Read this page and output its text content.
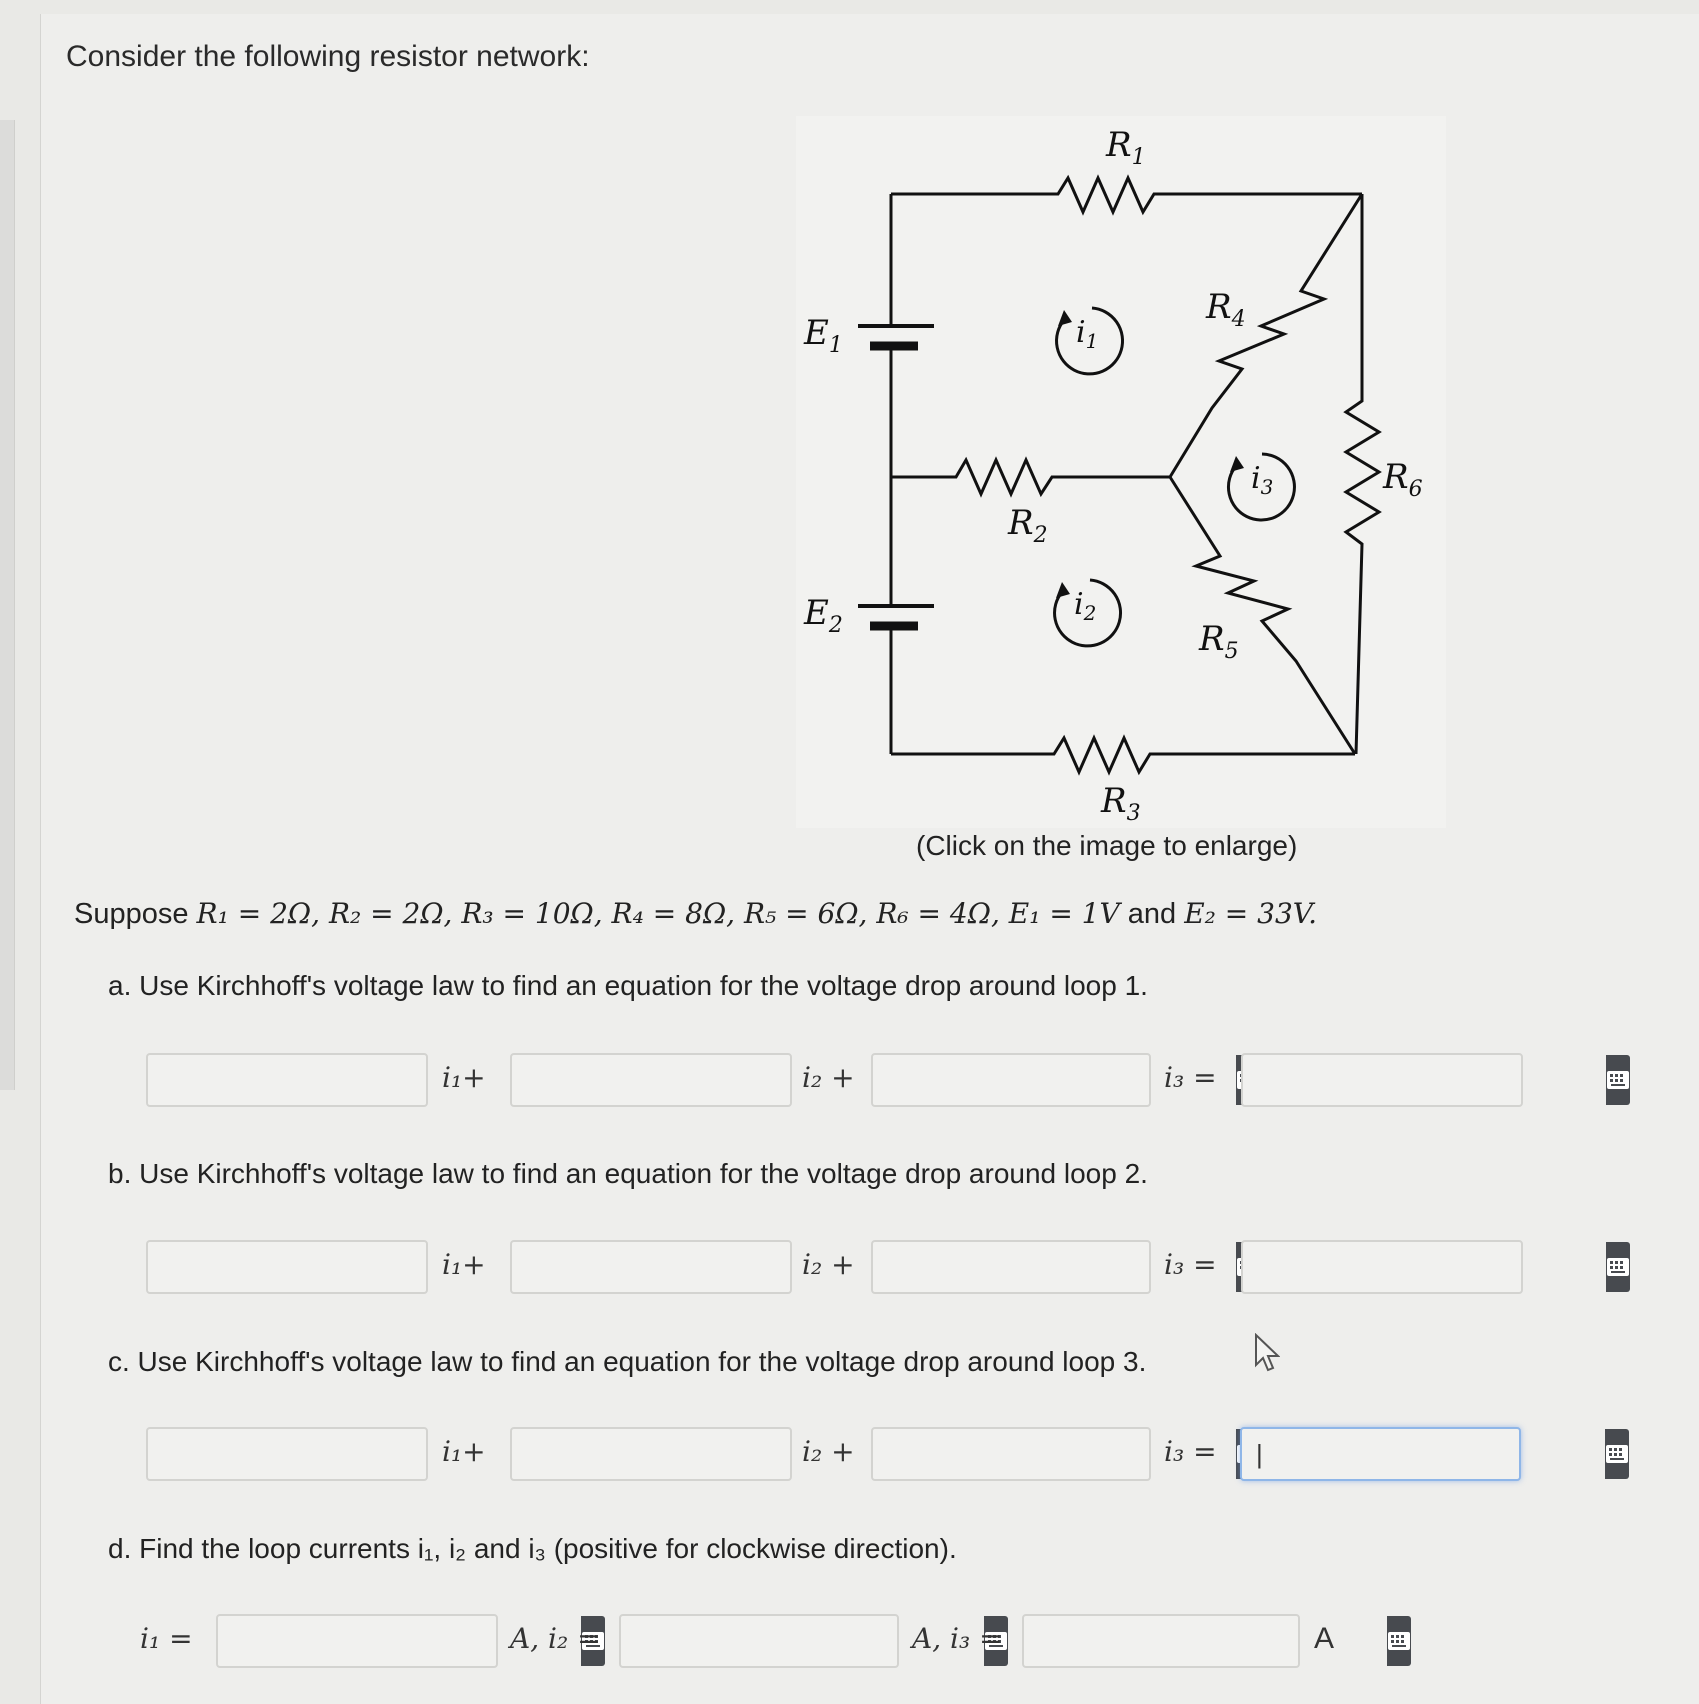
Consider the following resistor network:
$R_1$
$R_2$
$R_3$
$R_4$
$R_5$
$R_6$
$E_1$
$E_2$
$i_1$
$i_2$
$i_3$
(Click on the image to enlarge)
Suppose R₁ = 2Ω, R₂ = 2Ω, R₃ = 10Ω, R₄ = 8Ω, R₅ = 6Ω, R₆ = 4Ω, E₁ = 1V and E₂ = 33V.
a. Use Kirchhoff's voltage law to find an equation for the voltage drop around loop 1.
i₁+	i₂ +	i₃ =
b. Use Kirchhoff's voltage law to find an equation for the voltage drop around loop 2.
i₁+	i₂ +	i₃ =
c. Use Kirchhoff's voltage law to find an equation for the voltage drop around loop 3.
i₁+	i₂ +	i₃ =
|
d. Find the loop currents i₁, i₂ and i₃ (positive for clockwise direction).
i₁ =	A, i₂ =	A, i₃ =	A
